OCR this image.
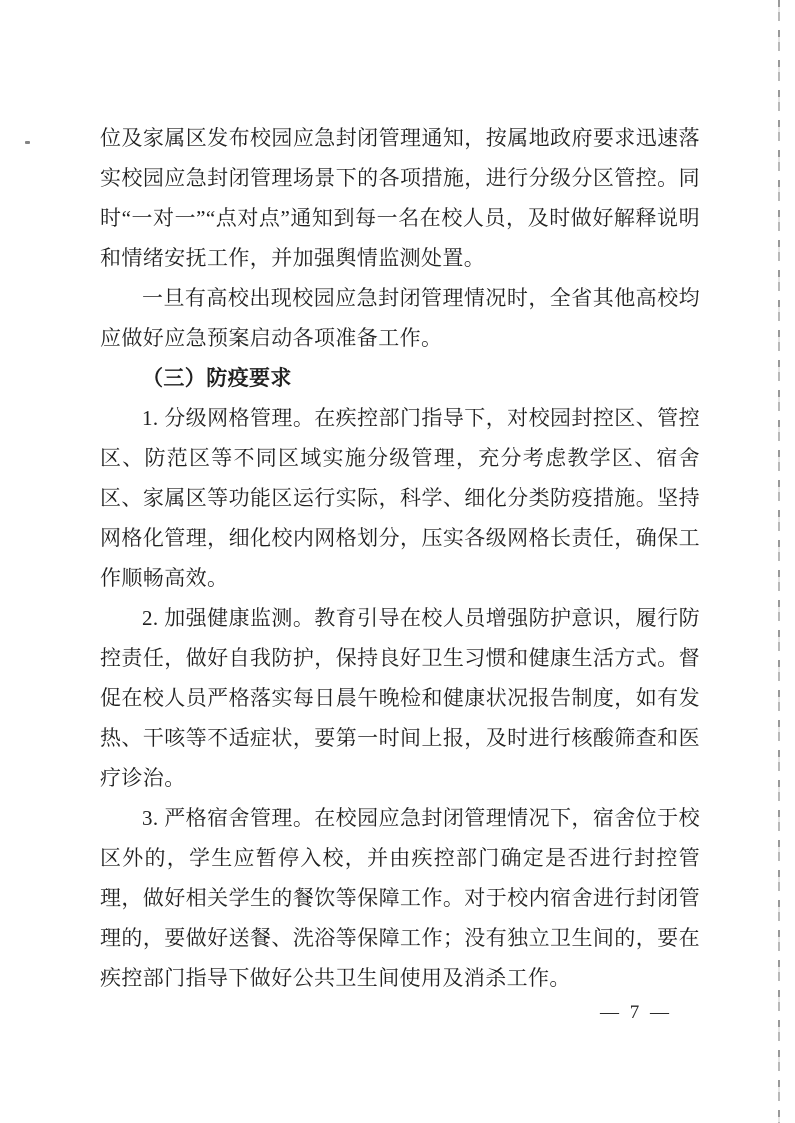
位及家属区发布校园应急封闭管理通知，按属地政府要求迅速落实校园应急封闭管理场景下的各项措施，进行分级分区管控。同时“一对一”“点对点”通知到每一名在校人员，及时做好解释说明和情绪安抚工作，并加强舆情监测处置。

一旦有高校出现校园应急封闭管理情况时，全省其他高校均应做好应急预案启动各项准备工作。

（三）防疫要求

1. 分级网格管理。在疾控部门指导下，对校园封控区、管控区、防范区等不同区域实施分级管理，充分考虑教学区、宿舍区、家属区等功能区运行实际，科学、细化分类防疫措施。坚持网格化管理，细化校内网格划分，压实各级网格长责任，确保工作顺畅高效。

2. 加强健康监测。教育引导在校人员增强防护意识，履行防控责任，做好自我防护，保持良好卫生习惯和健康生活方式。督促在校人员严格落实每日晨午晚检和健康状况报告制度，如有发热、干咳等不适症状，要第一时间上报，及时进行核酸筛查和医疗诊治。

3. 严格宿舍管理。在校园应急封闭管理情况下，宿舍位于校区外的，学生应暂停入校，并由疾控部门确定是否进行封控管理，做好相关学生的餐饮等保障工作。对于校内宿舍进行封闭管理的，要做好送餐、洗浴等保障工作；没有独立卫生间的，要在疾控部门指导下做好公共卫生间使用及消杀工作。

— 7 —
